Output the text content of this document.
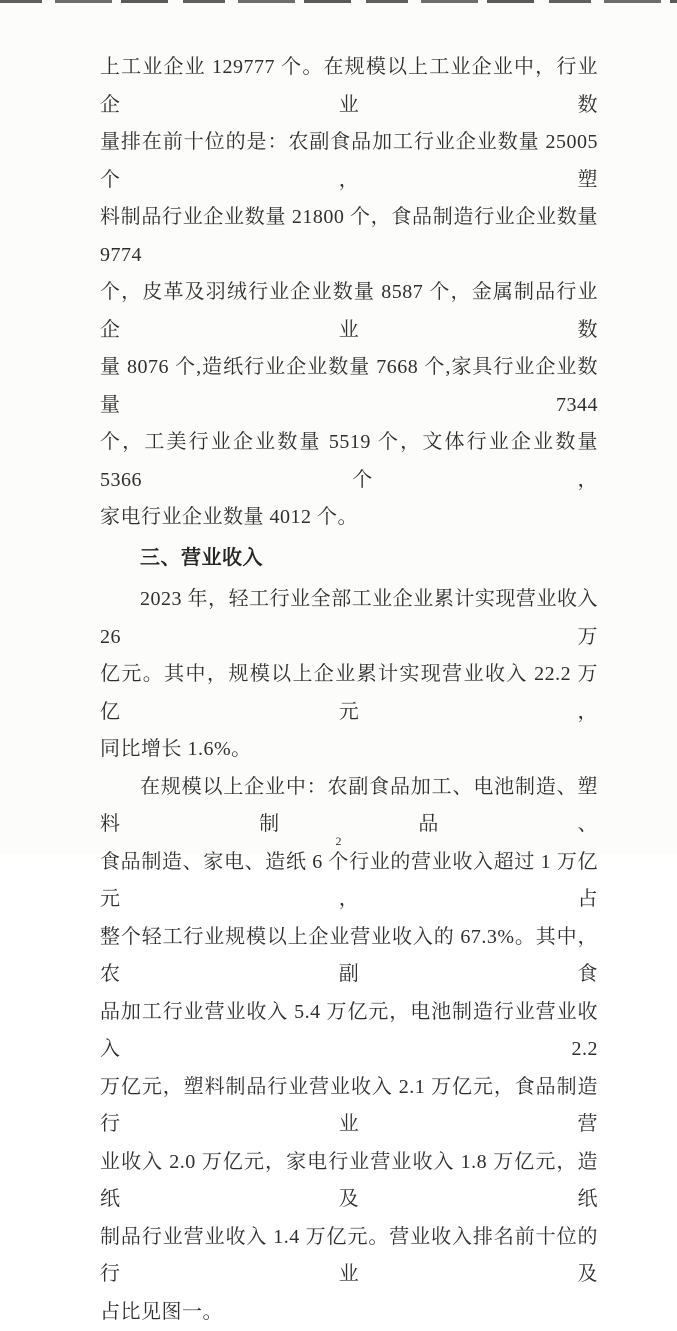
上工业企业 129777 个。在规模以上工业企业中，行业企业数
量排在前十位的是：农副食品加工行业企业数量 25005 个，塑
料制品行业企业数量 21800 个，食品制造行业企业数量 9774
个，皮革及羽绒行业企业数量 8587 个，金属制品行业企业数
量 8076 个,造纸行业企业数量 7668 个,家具行业企业数量 7344
个，工美行业企业数量 5519 个，文体行业企业数量 5366 个，
家电行业企业数量 4012 个。
三、营业收入
2023 年，轻工行业全部工业企业累计实现营业收入 26 万
亿元。其中，规模以上企业累计实现营业收入 22.2 万亿元，
同比增长 1.6%。
在规模以上企业中：农副食品加工、电池制造、塑料制品、
食品制造、家电、造纸 6 个行业的营业收入超过 1 万亿元，占
整个轻工行业规模以上企业营业收入的 67.3%。其中，农副食
品加工行业营业收入 5.4 万亿元，电池制造行业营业收入 2.2
万亿元，塑料制品行业营业收入 2.1 万亿元，食品制造行业营
业收入 2.0 万亿元，家电行业营业收入 1.8 万亿元，造纸及纸
制品行业营业收入 1.4 万亿元。营业收入排名前十位的行业及
占比见图一。
2
